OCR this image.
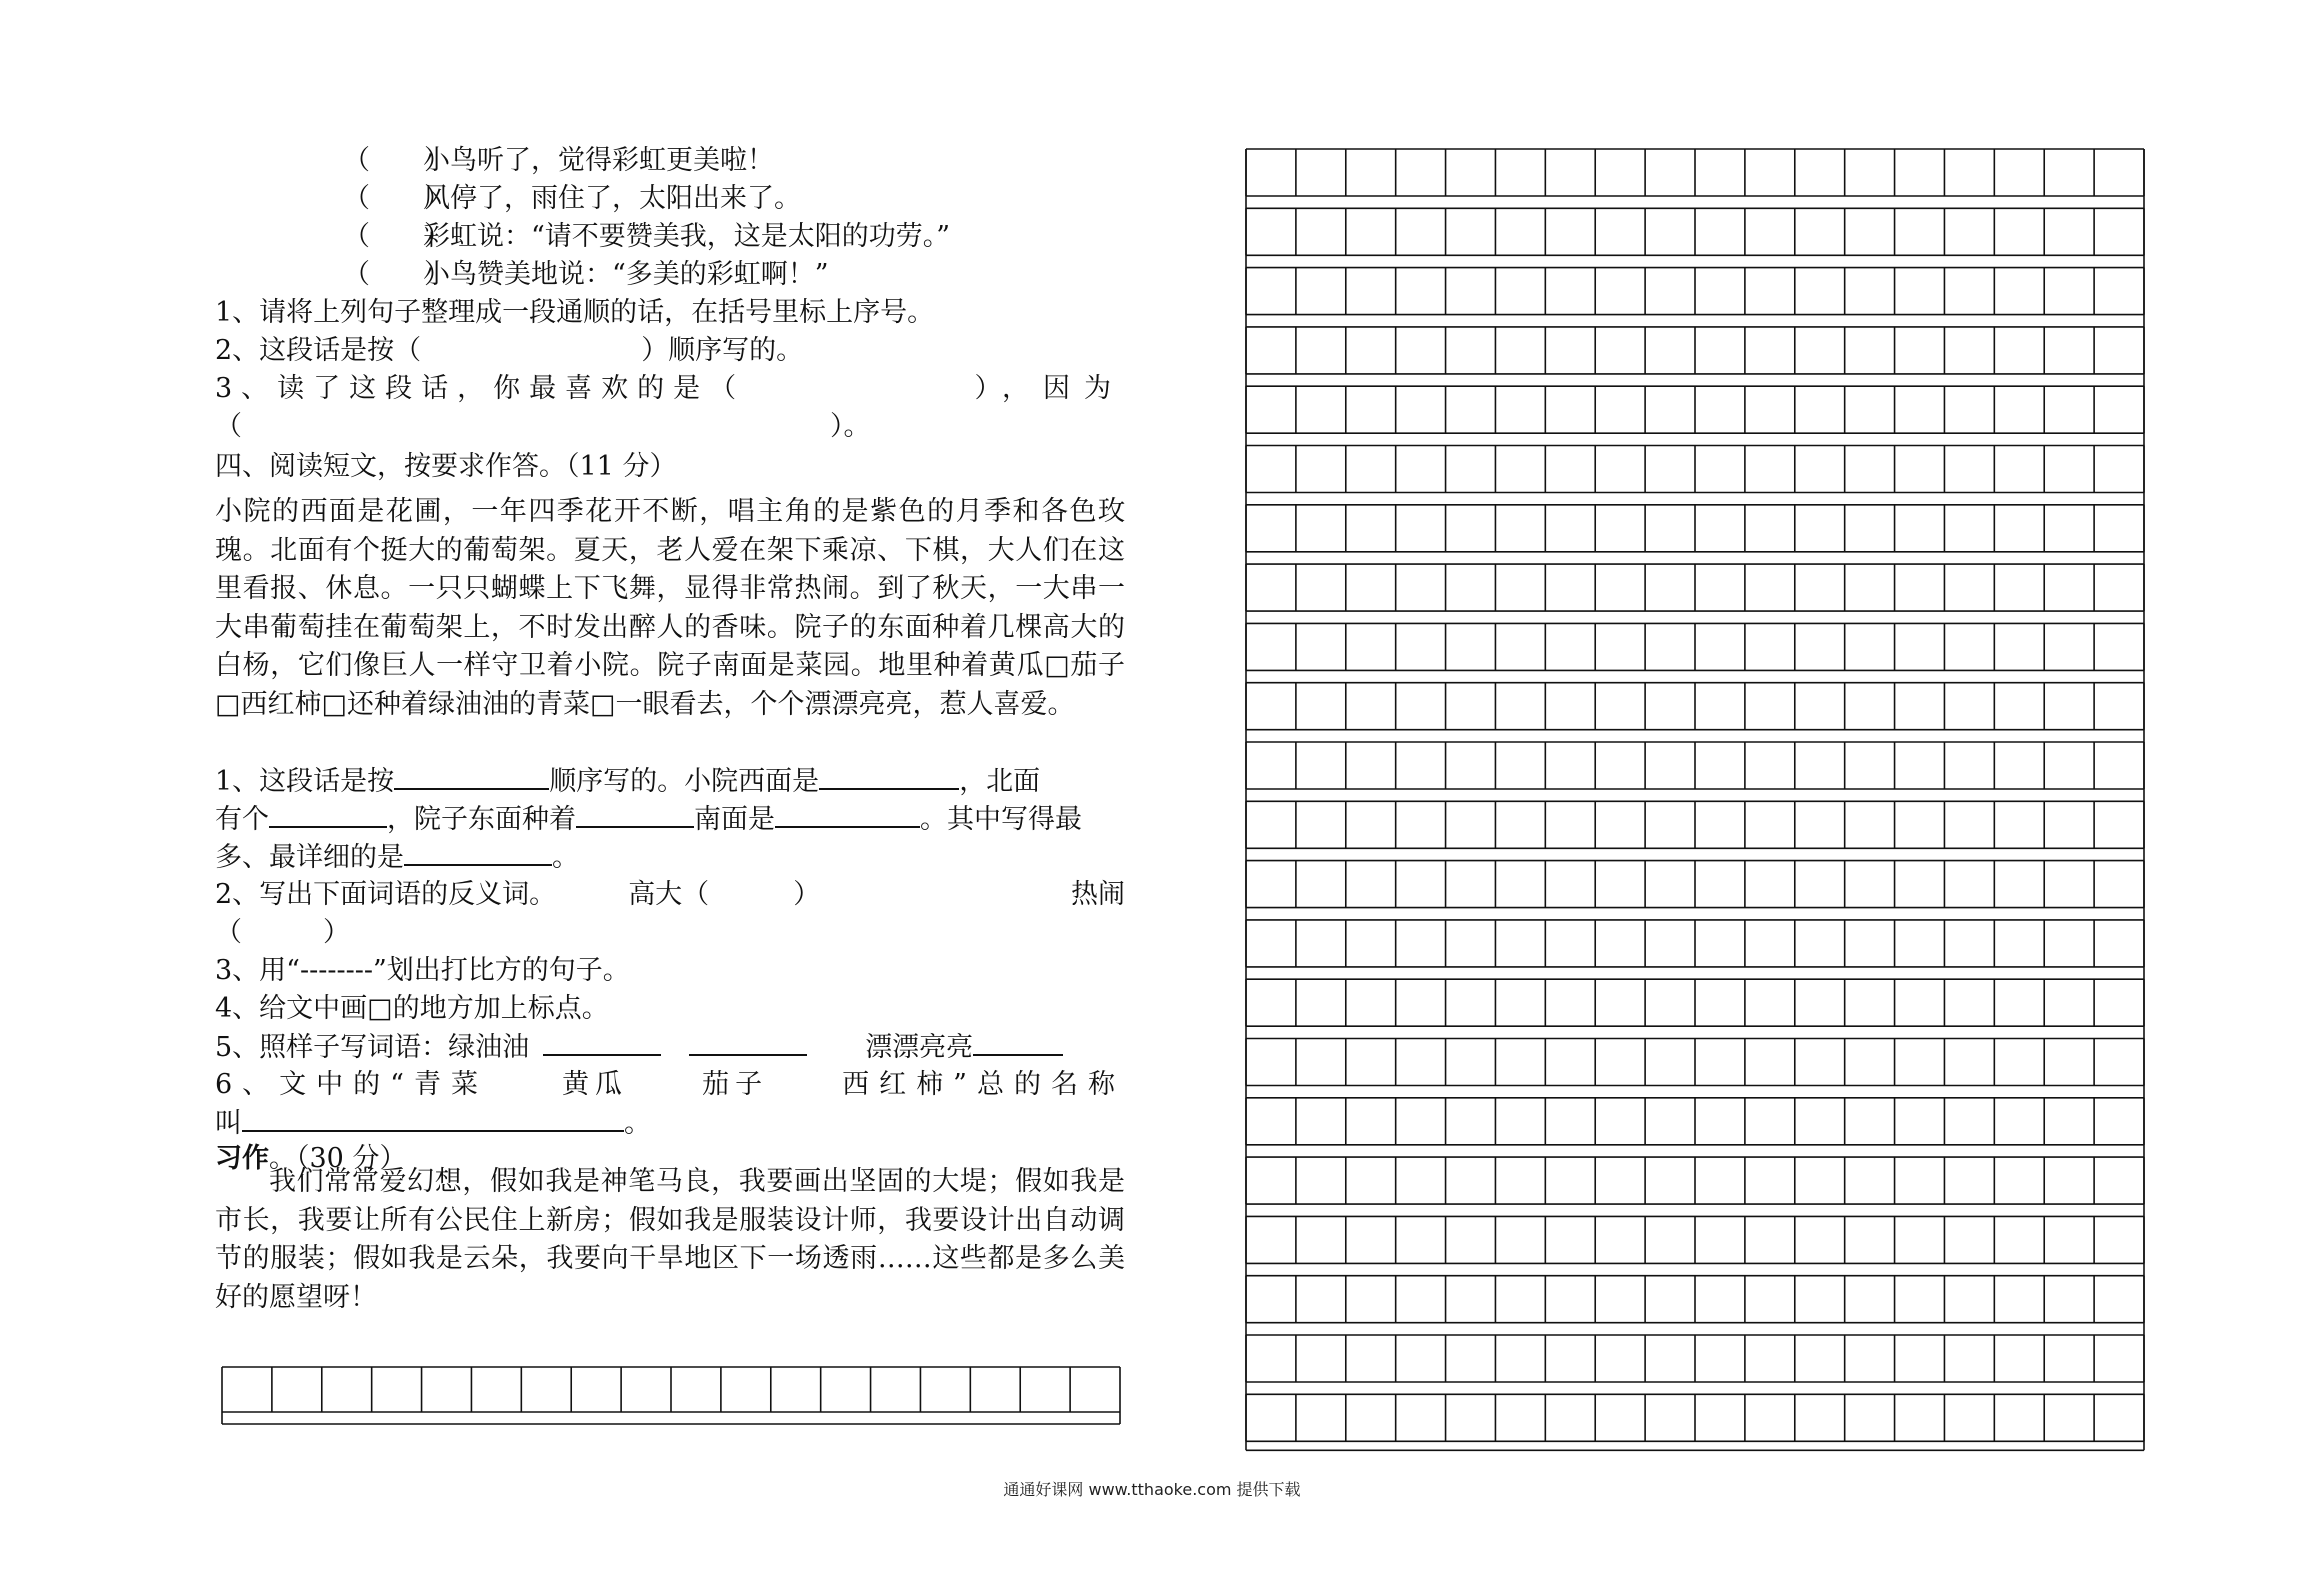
（　　）小鸟听了，觉得彩虹更美啦！
（　　）风停了，雨住了，太阳出来了。
（　　）彩虹说：“请不要赞美我，这是太阳的功劳。”
（　　）小鸟赞美地说：“多美的彩虹啊！”
1、请将上列句子整理成一段通顺的话，在括号里标上序号。
2、这段话是按（	）顺序写的。
3、读了这段话，你最喜欢的是（	），因为
（	）。
四、阅读短文，按要求作答。（11 分）
小院的西面是花圃，一年四季花开不断，唱主角的是紫色的月季和各色玫瑰。北面有个挺大的葡萄架。夏天，老人爱在架下乘凉、下棋，大人们在这里看报、休息。一只只蝴蝶上下飞舞，显得非常热闹。到了秋天，一大串一大串葡萄挂在葡萄架上，不时发出醉人的香味。院子的东面种着几棵高大的白杨，它们像巨人一样守卫着小院。院子南面是菜园。地里种着黄瓜□茄子□西红柿□还种着绿油油的青菜□一眼看去，个个漂漂亮亮，惹人喜爱。
1、这段话是按	顺序写的。小院西面是	，北面
有个	，院子东面种着	南面是	。其中写得最
多、最详细的是	。
2、写出下面词语的反义词。	高大（	）	热闹
（　　　）
3、用“--------”划出打比方的句子。
4、给文中画□的地方加上标点。
5、照样子写词语：绿油油	漂漂亮亮
6、文中的“青菜	黄瓜	茄子	西红柿”总的名称
叫	。
习作。（30 分）
我们常常爱幻想，假如我是神笔马良，我要画出坚固的大堤；假如我是市长，我要让所有公民住上新房；假如我是服装设计师，我要设计出自动调节的服装；假如我是云朵，我要向干旱地区下一场透雨……这些都是多么美好的愿望呀！
通通好课网 www.tthaoke.com 提供下载
